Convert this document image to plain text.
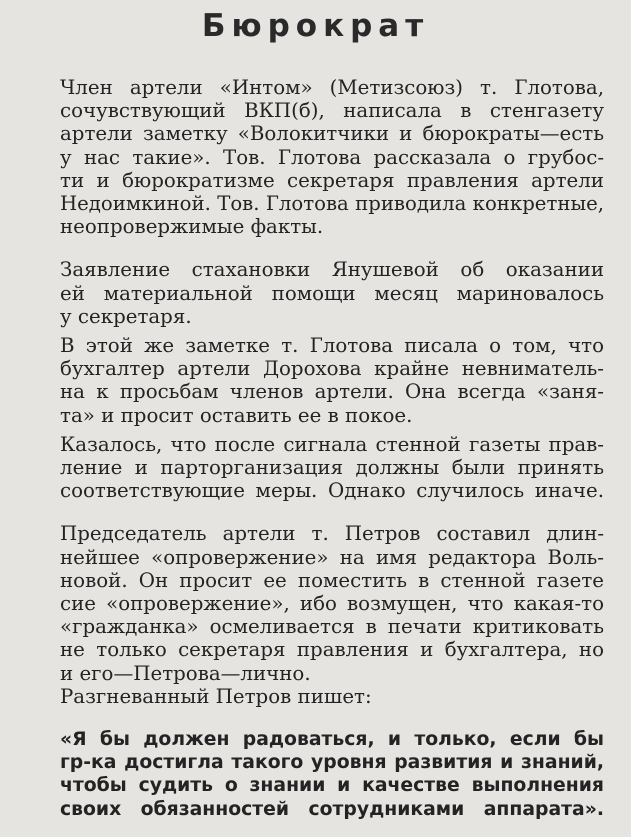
Бюрократ

Член артели «Интом» (Метизсоюз) т. Глотова,
сочувствующий ВКП(б), написала в стенгазету
артели заметку «Волокитчики и бюрократы—есть
у нас такие». Тов. Глотова рассказала о грубос-
ти и бюрократизме секретаря правления артели
Недоимкиной. Тов. Глотова приводила конкретные,
неопровержимые факты.

Заявление стахановки Янушевой об оказании
ей материальной помощи месяц мариновалось
у секретаря.

В этой же заметке т. Глотова писала о том, что
бухгалтер артели Дорохова крайне невниматель-
на к просьбам членов артели. Она всегда «заня-
та» и просит оставить ее в покое.

Казалось, что после сигнала стенной газеты прав-
ление и парторганизация должны были принять
соответствующие меры. Однако случилось иначе.

Председатель артели т. Петров составил длин-
нейшее «опровержение» на имя редактора Воль-
новой. Он просит ее поместить в стенной газете
сие «опровержение», ибо возмущен, что какая-то
«гражданка» осмеливается в печати критиковать
не только секретаря правления и бухгалтера, но
и его—Петрова—лично.

Разгневанный Петров пишет:

«Я бы должен радоваться, и только, если бы
гр-ка достигла такого уровня развития и знаний,
чтобы судить о знании и качестве выполнения
своих обязанностей сотрудниками аппарата».
